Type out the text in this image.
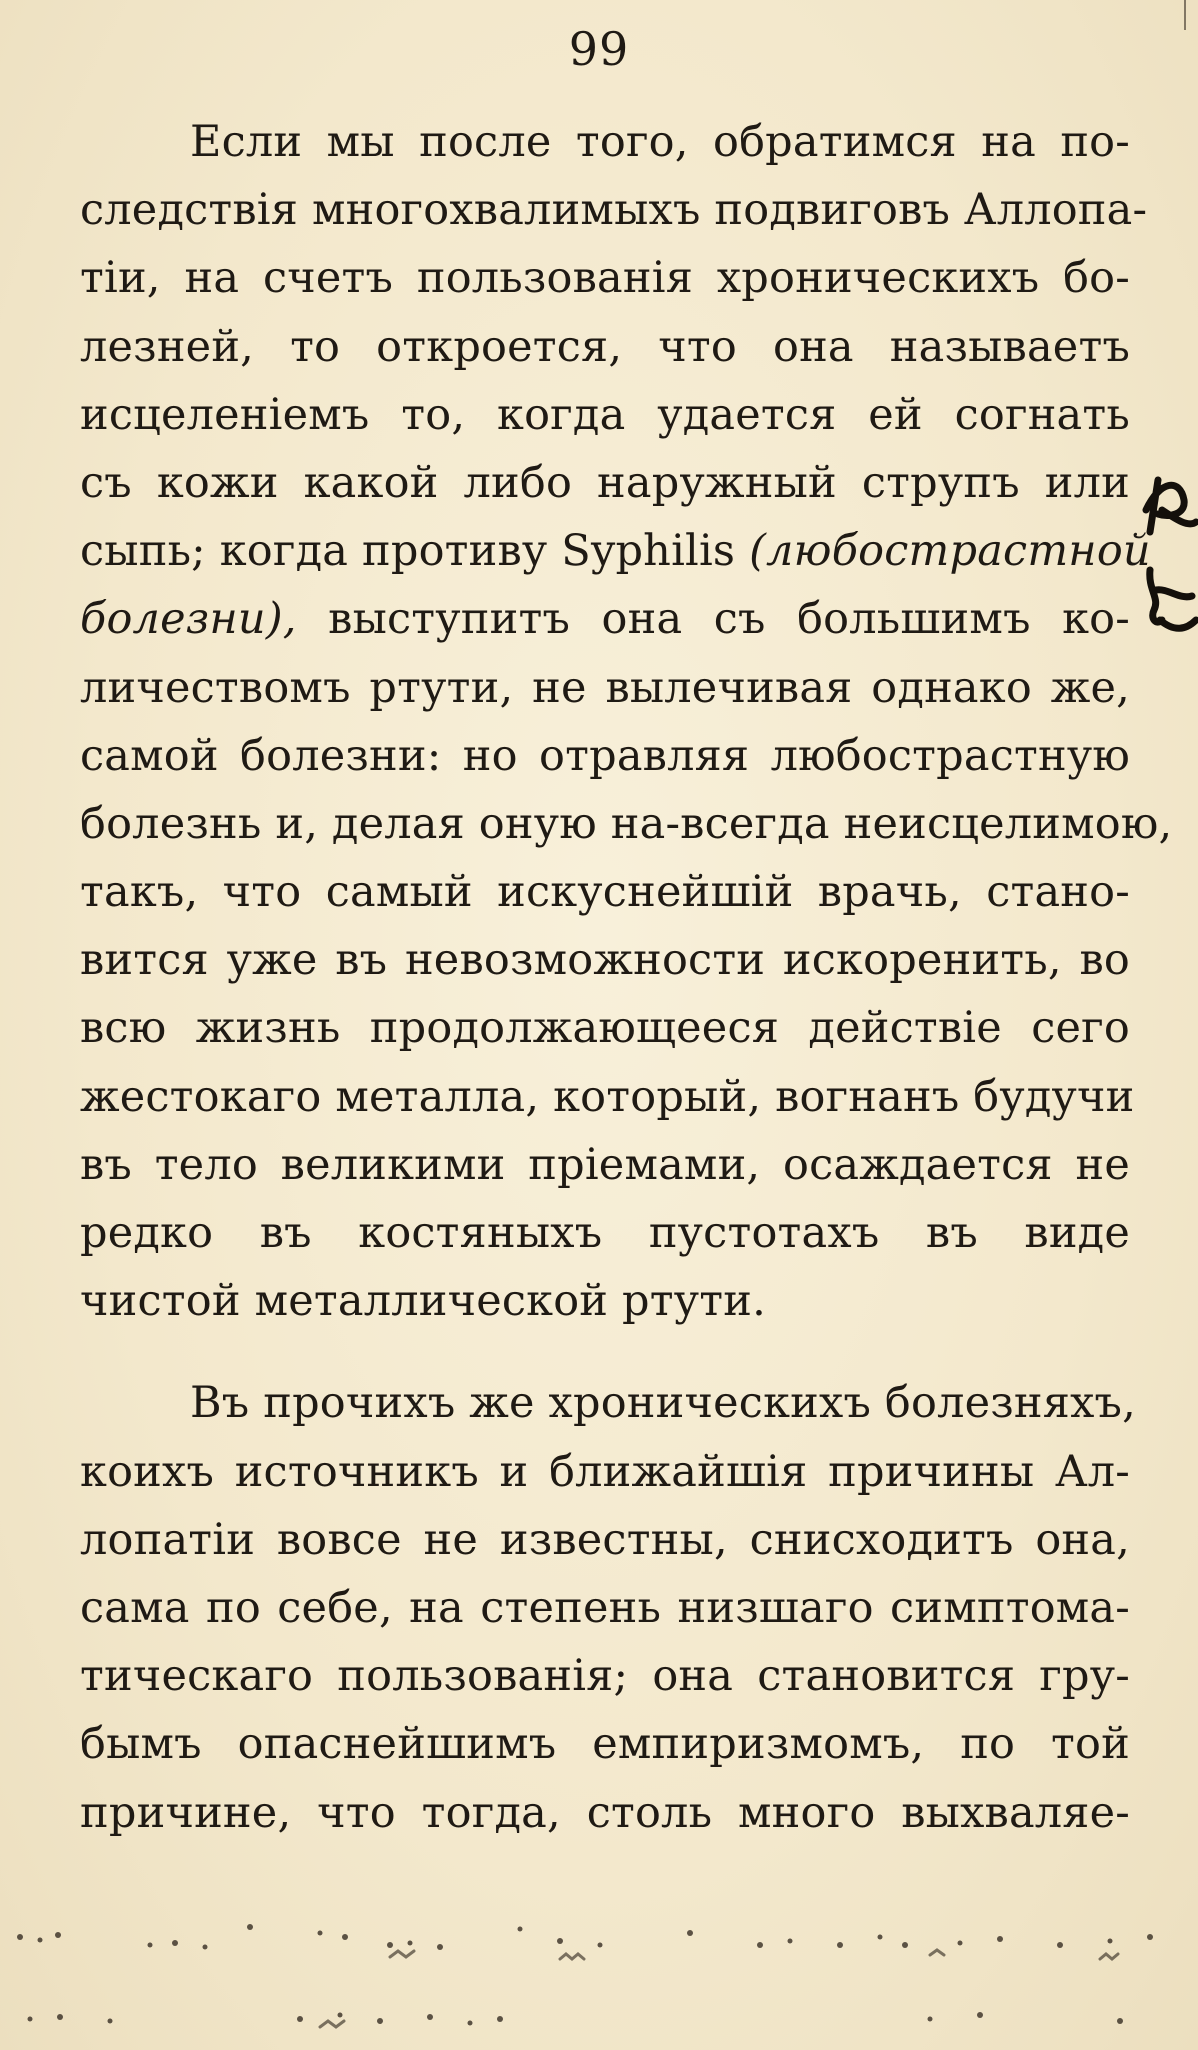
99
Если мы после того, обратимся на по-
следствія многохвалимыхъ подвиговъ Аллопа-
тіи, на счетъ пользованія хроническихъ бо-
лезней, то откроется, что она называетъ
исцеленіемъ то, когда удается ей согнать
съ кожи какой либо наружный струпъ или
сыпь; когда противу Syphilis (любострастной
болезни), выступитъ она съ большимъ ко-
личествомъ ртути, не вылечивая однако же,
самой болезни: но отравляя любострастную
болезнь и, делая оную на-всегда неисцелимою,
такъ, что самый искуснейшій врачь, стано-
вится уже въ невозможности искоренить, во
всю жизнь продолжающееся действіе сего
жестокаго металла, который, вогнанъ будучи
въ тело великими пріемами, осаждается не
редко въ костяныхъ пустотахъ въ виде
чистой металлической ртути.
Въ прочихъ же хроническихъ болезняхъ,
коихъ источникъ и ближайшія причины Ал-
лопатіи вовсе не известны, снисходитъ она,
сама по себе, на степень низшаго симптома-
тическаго пользованія; она становится гру-
бымъ опаснейшимъ емпиризмомъ, по той
причине, что тогда, столь много выхваляе-
